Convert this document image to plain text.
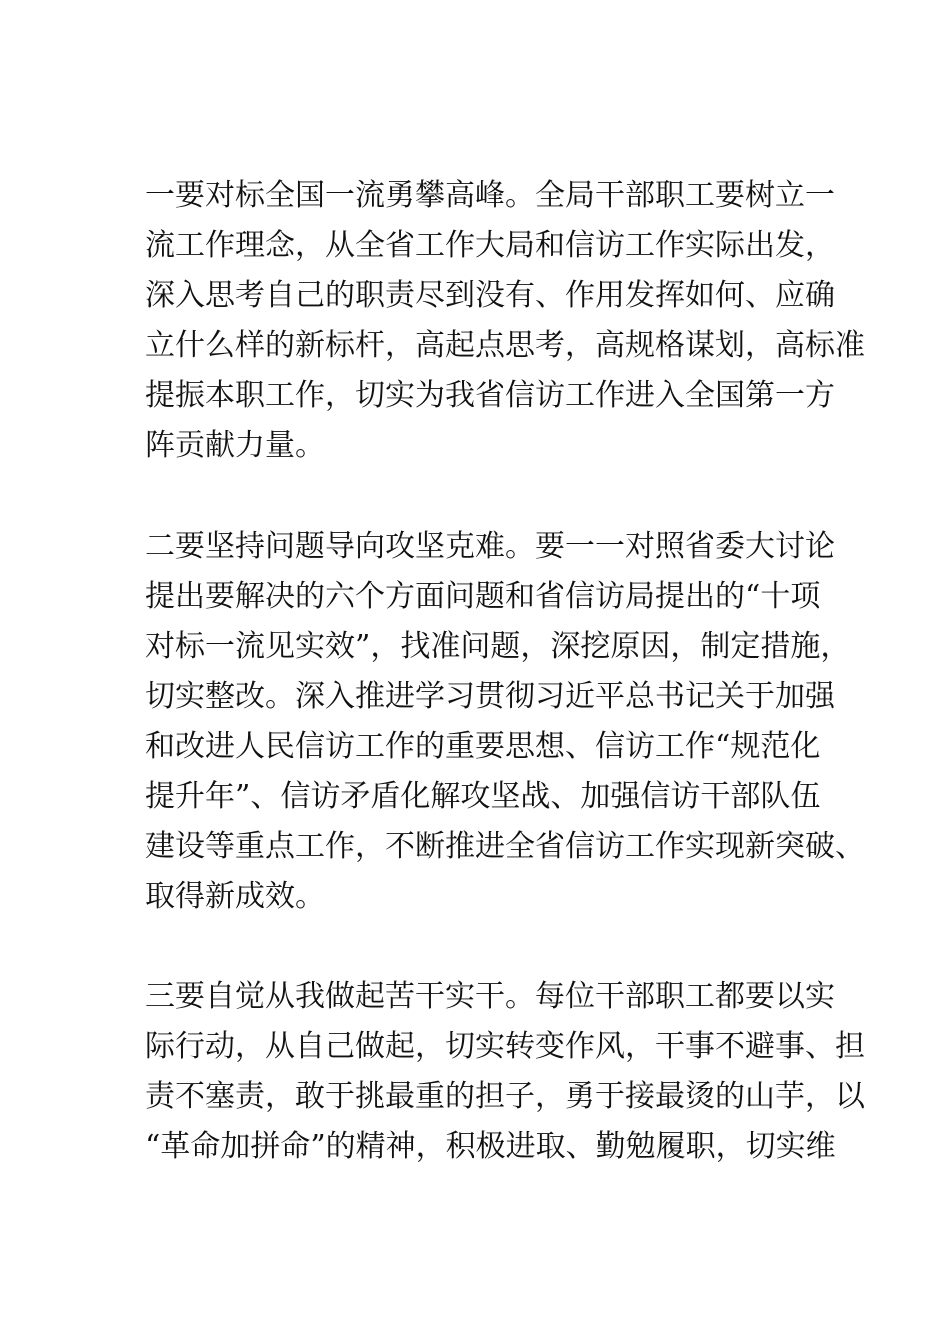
一要对标全国一流勇攀高峰。全局干部职工要树立一
流工作理念，从全省工作大局和信访工作实际出发，
深入思考自己的职责尽到没有、作用发挥如何、应确
立什么样的新标杆，高起点思考，高规格谋划，高标准
提振本职工作，切实为我省信访工作进入全国第一方
阵贡献力量。
二要坚持问题导向攻坚克难。要一一对照省委大讨论
提出要解决的六个方面问题和省信访局提出的“十项
对标一流见实效”，找准问题，深挖原因，制定措施，
切实整改。深入推进学习贯彻习近平总书记关于加强
和改进人民信访工作的重要思想、信访工作“规范化
提升年”、信访矛盾化解攻坚战、加强信访干部队伍
建设等重点工作，不断推进全省信访工作实现新突破、
取得新成效。
三要自觉从我做起苦干实干。每位干部职工都要以实
际行动，从自己做起，切实转变作风，干事不避事、担
责不塞责，敢于挑最重的担子，勇于接最烫的山芋，以
“革命加拼命”的精神，积极进取、勤勉履职，切实维
